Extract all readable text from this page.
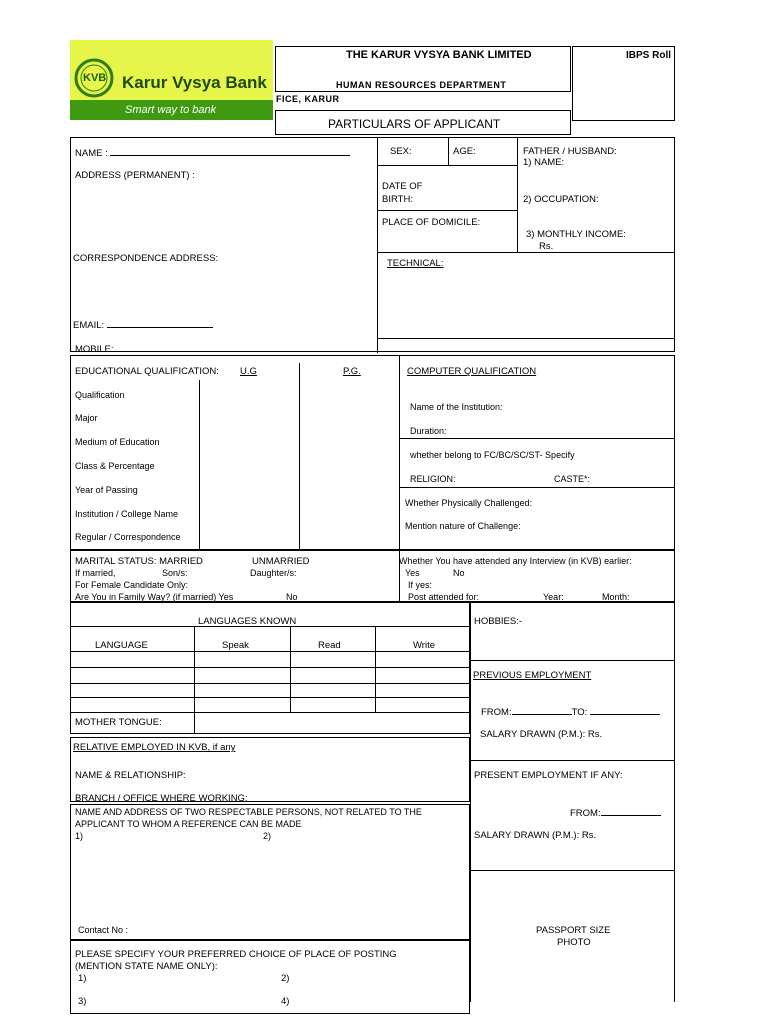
KVB Karur Vysya Bank
Smart way to bank
THE KARUR VYSYA BANK LIMITED
HUMAN RESOURCES DEPARTMENT
FICE, KARUR
IBPS Roll
PARTICULARS OF APPLICANT
NAME :
ADDRESS (PERMANENT) :
CORRESPONDENCE ADDRESS:
EMAIL:
MOBILE:
SEX:	AGE:
DATE OF
BIRTH:
PLACE OF DOMICILE:
FATHER / HUSBAND:
1) NAME:
2) OCCUPATION:
3) MONTHLY INCOME:
Rs.
TECHNICAL:
EDUCATIONAL QUALIFICATION: U.G	P.G.
Qualification
Major
Medium of Education
Class & Percentage
Year of Passing
Institution / College Name
Regular / Correspondence
COMPUTER QUALIFICATION
Name of the Institution:
Duration:
whether belong to FC/BC/SC/ST- Specify
RELIGION:	CASTE*:
Whether Physically Challenged:
Mention nature of Challenge:
MARITAL STATUS: MARRIED	UNMARRIED
If married,	Son/s:	Daughter/s:
For Female Candidate Only:
Are You in Family Way? (if married) Yes	No
Whether You have attended any Interview (in KVB) earlier:
Yes	No
If yes:
Post attended for:	Year:	Month:
LANGUAGES KNOWN
LANGUAGE	Speak	Read	Write
MOTHER TONGUE:
HOBBIES:-
PREVIOUS EMPLOYMENT
FROM:	TO:
SALARY DRAWN (P.M.): Rs.
PRESENT EMPLOYMENT IF ANY:
FROM:
SALARY DRAWN (P.M.): Rs.
PASSPORT SIZE
PHOTO
RELATIVE EMPLOYED IN KVB, if any
NAME & RELATIONSHIP:
BRANCH / OFFICE WHERE WORKING:
NAME AND ADDRESS OF TWO RESPECTABLE PERSONS, NOT RELATED TO THE
APPLICANT TO WHOM A REFERENCE CAN BE MADE
1)	2)
Contact No :
PLEASE SPECIFY YOUR PREFERRED CHOICE OF PLACE OF POSTING
(MENTION STATE NAME ONLY):
1)	2)
3)	4)
